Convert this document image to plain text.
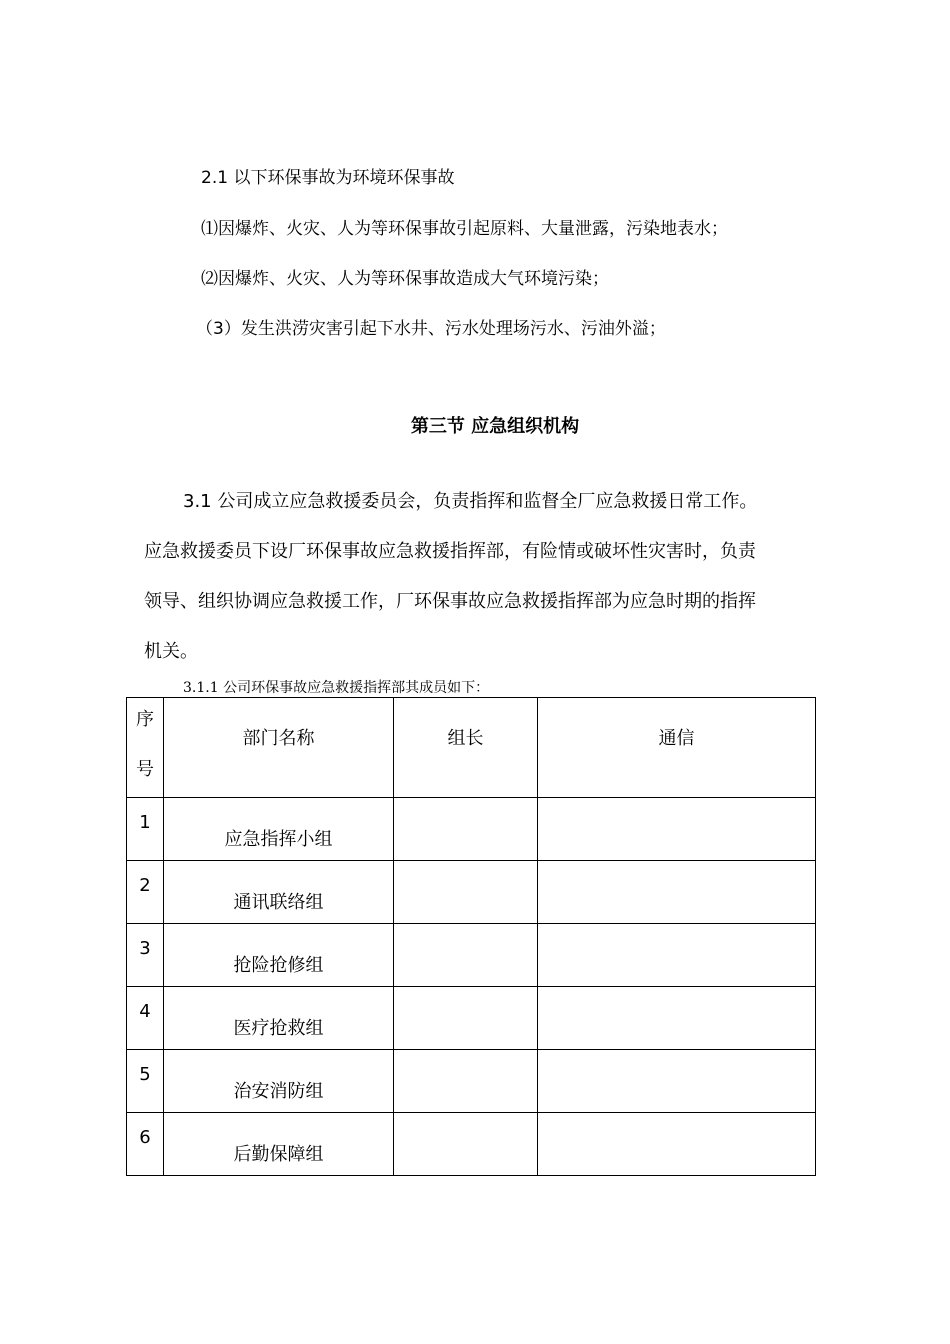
2.1 以下环保事故为环境环保事故
⑴因爆炸、火灾、人为等环保事故引起原料、大量泄露，污染地表水；
⑵因爆炸、火灾、人为等环保事故造成大气环境污染；
（3）发生洪涝灾害引起下水井、污水处理场污水、污油外溢；
第三节 应急组织机构
3.1 公司成立应急救援委员会，负责指挥和监督全厂应急救援日常工作。
应急救援委员下设厂环保事故应急救援指挥部，有险情或破坏性灾害时，负责
领导、组织协调应急救援工作，厂环保事故应急救援指挥部为应急时期的指挥
机关。
3.1.1 公司环保事故应急救援指挥部其成员如下：
序
号	部门名称	组长	通信

1	应急指挥小组		

2	通讯联络组		

3	抢险抢修组		

4	医疗抢救组		

5	治安消防组		

6	后勤保障组		
